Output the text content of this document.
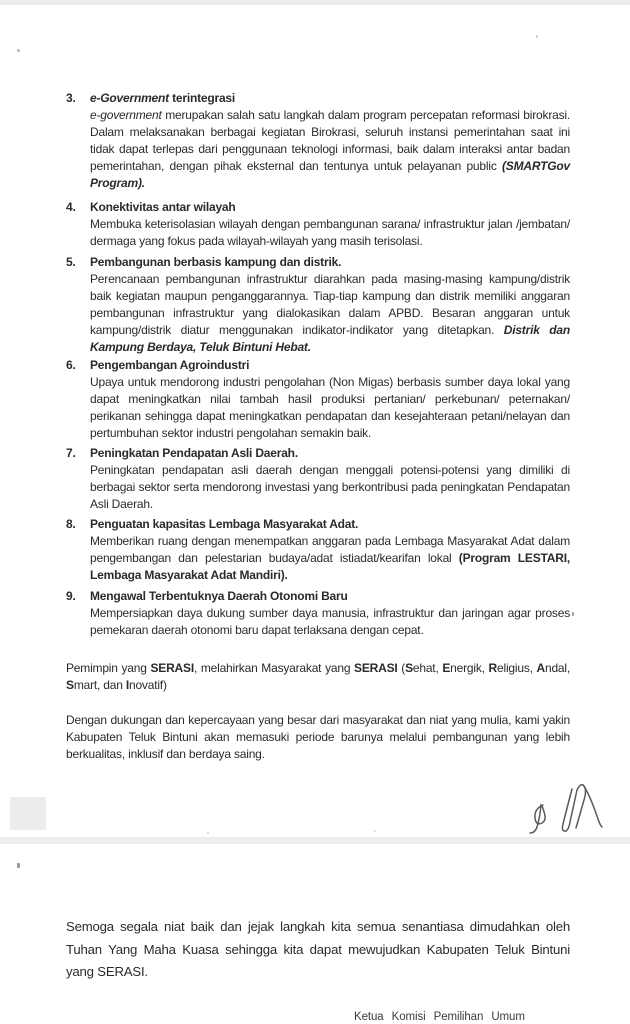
3.	e-Government terintegrasi
e-government merupakan salah satu langkah dalam program percepatan reformasi birokrasi. Dalam melaksanakan berbagai kegiatan Birokrasi, seluruh instansi pemerintahan saat ini tidak dapat terlepas dari penggunaan teknologi informasi, baik dalam interaksi antar badan pemerintahan, dengan pihak eksternal dan tentunya untuk pelayanan public (SMARTGov Program).
4.	Konektivitas antar wilayah
Membuka keterisolasian wilayah dengan pembangunan sarana/ infrastruktur jalan /jembatan/ dermaga yang fokus pada wilayah-wilayah yang masih terisolasi.
5.	Pembangunan berbasis kampung dan distrik.
Perencanaan pembangunan infrastruktur diarahkan pada masing-masing kampung/distrik baik kegiatan maupun penganggarannya. Tiap-tiap kampung dan distrik memiliki anggaran pembangunan infrastruktur yang dialokasikan dalam APBD. Besaran anggaran untuk kampung/distrik diatur menggunakan indikator-indikator yang ditetapkan. Distrik dan Kampung Berdaya, Teluk Bintuni Hebat.
6.	Pengembangan Agroindustri
Upaya untuk mendorong industri pengolahan (Non Migas) berbasis sumber daya lokal yang dapat meningkatkan nilai tambah hasil produksi pertanian/ perkebunan/ peternakan/ perikanan sehingga dapat meningkatkan pendapatan dan kesejahteraan petani/nelayan dan pertumbuhan sektor industri pengolahan semakin baik.
7.	Peningkatan Pendapatan Asli Daerah.
Peningkatan pendapatan asli daerah dengan menggali potensi-potensi yang dimiliki di berbagai sektor serta mendorong investasi yang berkontribusi pada peningkatan Pendapatan Asli Daerah.
8.	Penguatan kapasitas Lembaga Masyarakat Adat.
Memberikan ruang dengan menempatkan anggaran pada Lembaga Masyarakat Adat dalam pengembangan dan pelestarian budaya/adat istiadat/kearifan lokal (Program LESTARI, Lembaga Masyarakat Adat Mandiri).
9.	Mengawal Terbentuknya Daerah Otonomi Baru
Mempersiapkan daya dukung sumber daya manusia, infrastruktur dan jaringan agar proses pemekaran daerah otonomi baru dapat terlaksana dengan cepat.

Pemimpin yang SERASI, melahirkan Masyarakat yang SERASI (Sehat, Energik, Religius, Andal, Smart, dan Inovatif)

Dengan dukungan dan kepercayaan yang besar dari masyarakat dan niat yang mulia, kami yakin Kabupaten Teluk Bintuni akan memasuki periode barunya melalui pembangunan yang lebih berkualitas, inklusif dan berdaya saing.

Semoga segala niat baik dan jejak langkah kita semua senantiasa dimudahkan oleh Tuhan Yang Maha Kuasa sehingga kita dapat mewujudkan Kabupaten Teluk Bintuni yang SERASI.

Ketua Komisi Pemilihan Umum
